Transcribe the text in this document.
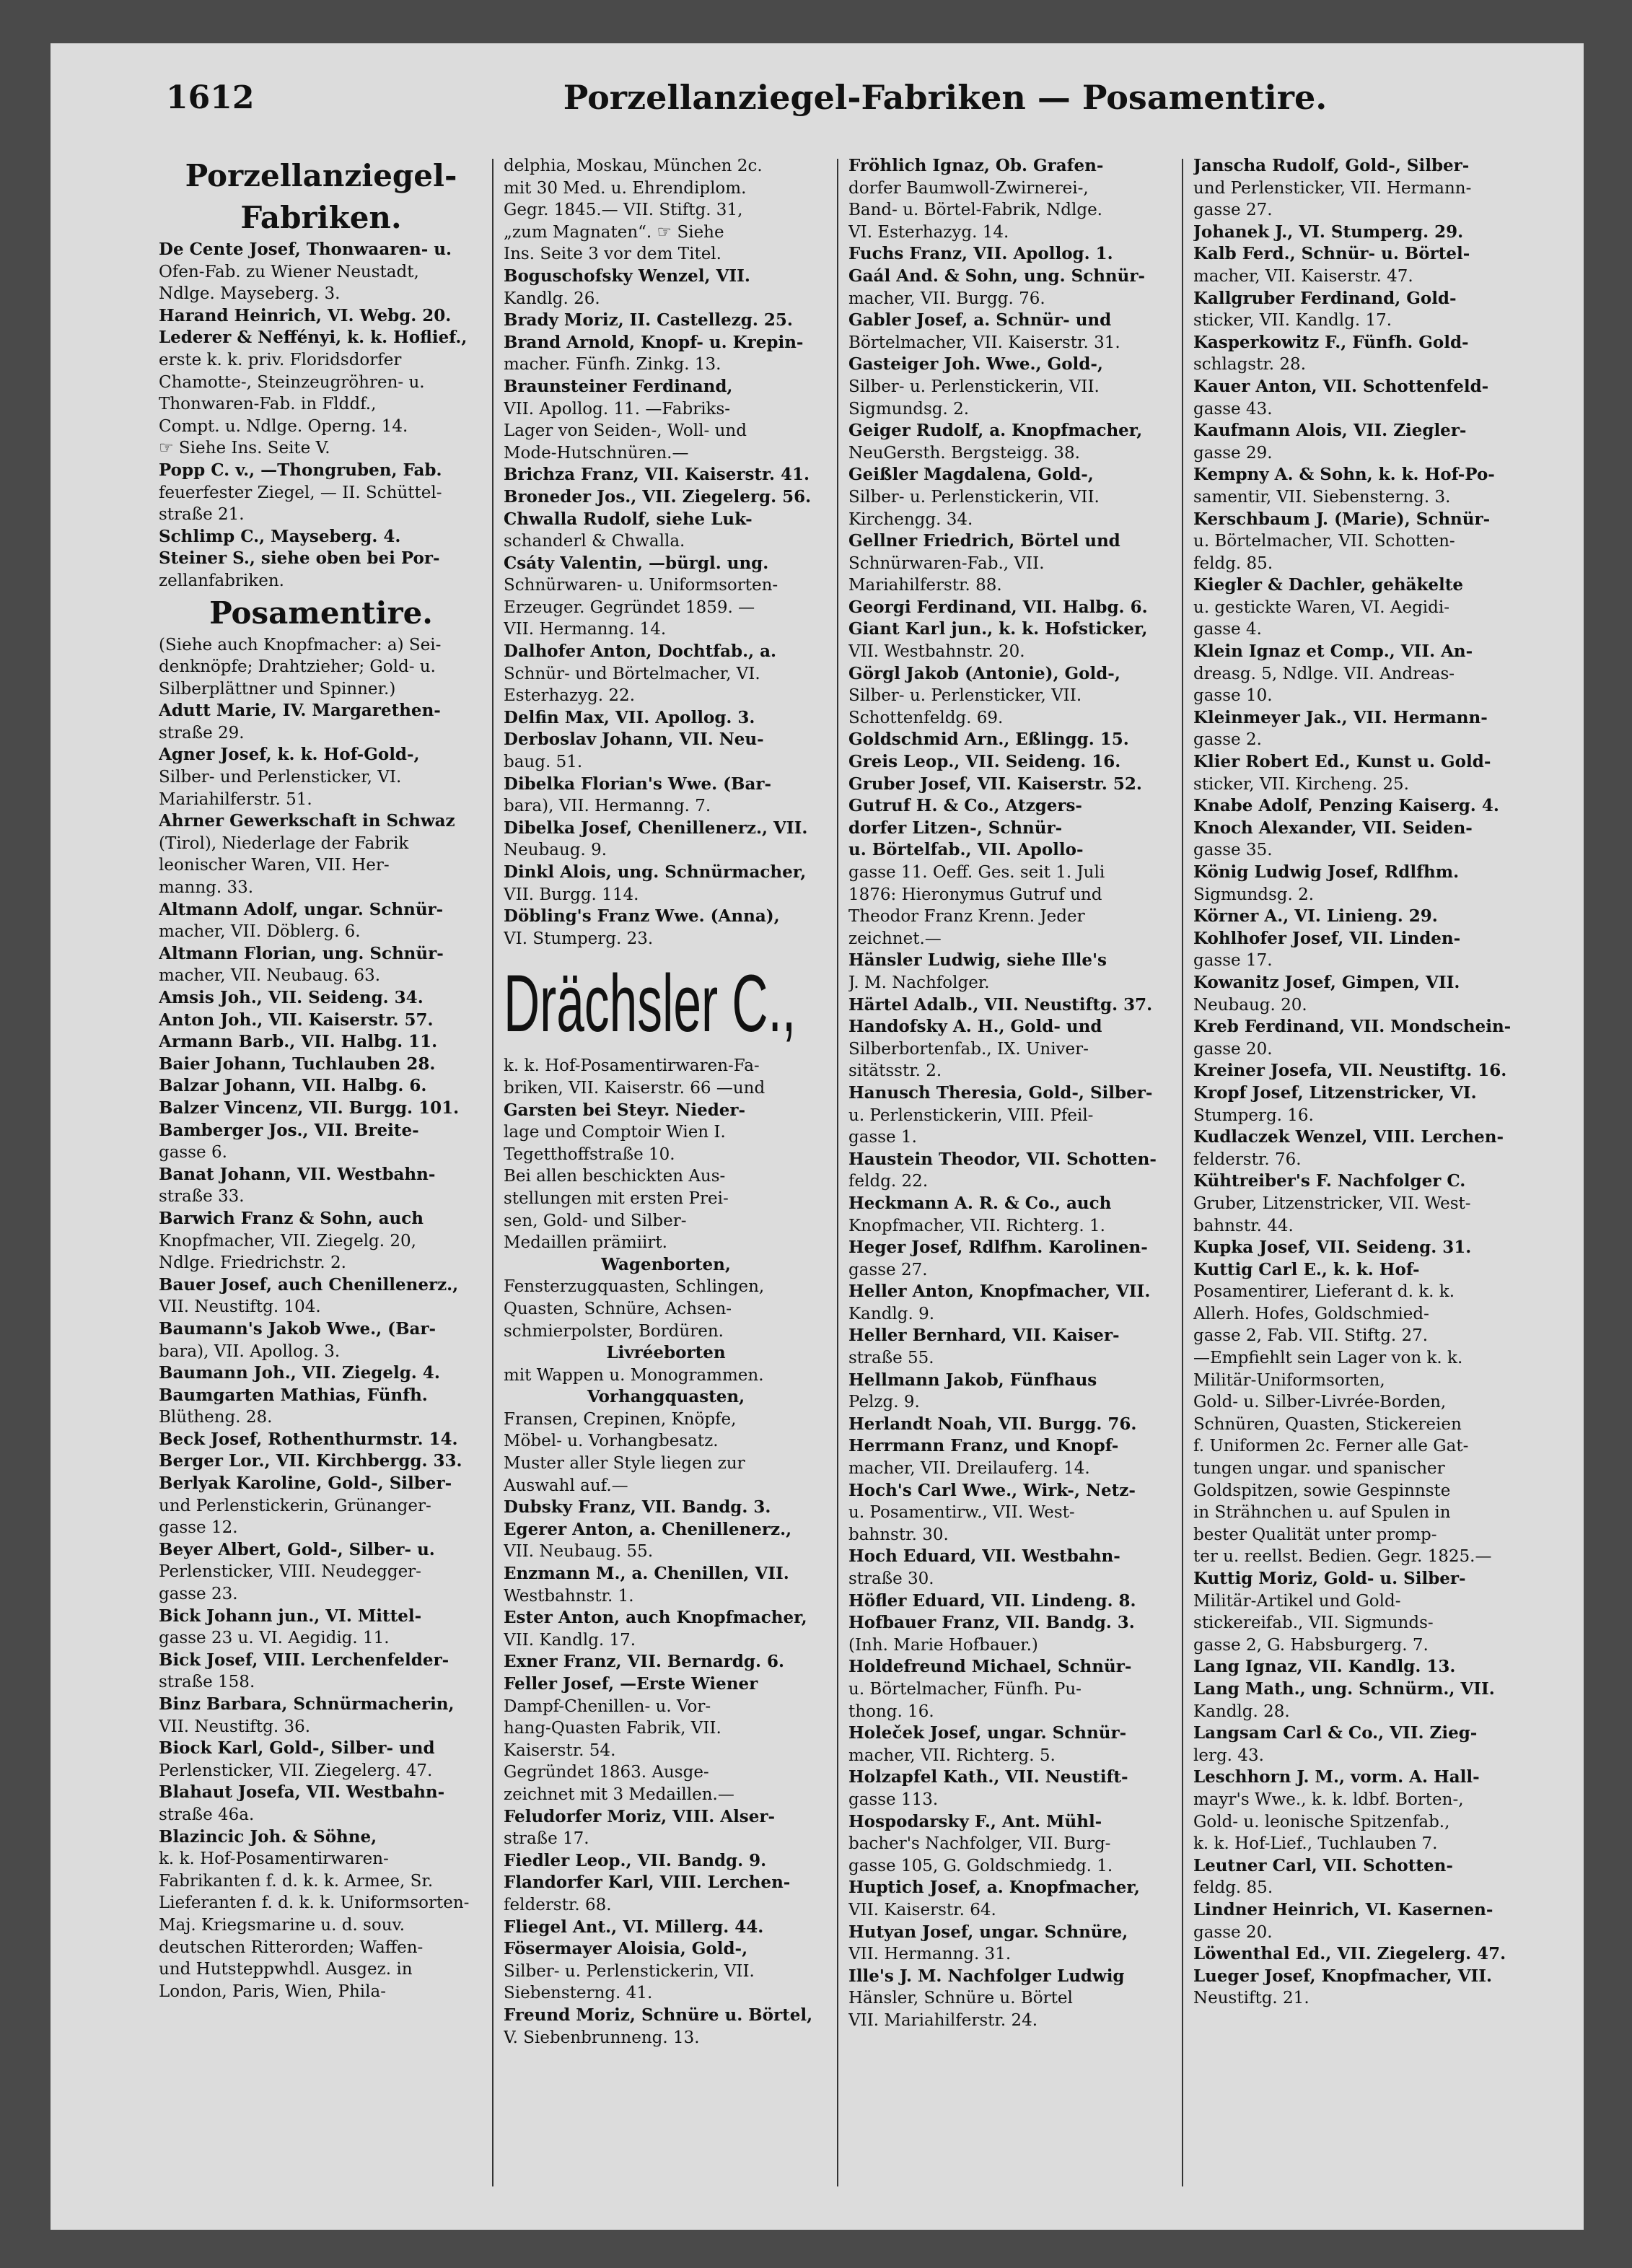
1612	Porzellanziegel-Fabriken — Posamentire.
Porzellanziegel-
Fabriken.
De Cente Josef, Thonwaaren- u.
Ofen-Fab. zu Wiener Neustadt,
Ndlge. Mayseberg. 3.
Harand Heinrich, VI. Webg. 20.
Lederer & Neffényi, k. k. Hoflief.,
erste k. k. priv. Floridsdorfer
Chamotte-, Steinzeugröhren- u.
Thonwaren-Fab. in Flddf.,
Compt. u. Ndlge. Operng. 14.
☞ Siehe Ins. Seite V.
Popp C. v., —Thongruben, Fab.
feuerfester Ziegel, — II. Schüttel-
straße 21.
Schlimp C., Mayseberg. 4.
Steiner S., siehe oben bei Por-
zellanfabriken.
Posamentire.
(Siehe auch Knopfmacher: a) Sei-
denknöpfe; Drahtzieher; Gold- u.
Silberplättner und Spinner.)
Adutt Marie, IV. Margarethen-
straße 29.
Agner Josef, k. k. Hof-Gold-,
Silber- und Perlensticker, VI.
Mariahilferstr. 51.
Ahrner Gewerkschaft in Schwaz
(Tirol), Niederlage der Fabrik
leonischer Waren, VII. Her-
manng. 33.
Altmann Adolf, ungar. Schnür-
macher, VII. Döblerg. 6.
Altmann Florian, ung. Schnür-
macher, VII. Neubaug. 63.
Amsis Joh., VII. Seideng. 34.
Anton Joh., VII. Kaiserstr. 57.
Armann Barb., VII. Halbg. 11.
Baier Johann, Tuchlauben 28.
Balzar Johann, VII. Halbg. 6.
Balzer Vincenz, VII. Burgg. 101.
Bamberger Jos., VII. Breite-
gasse 6.
Banat Johann, VII. Westbahn-
straße 33.
Barwich Franz & Sohn, auch
Knopfmacher, VII. Ziegelg. 20,
Ndlge. Friedrichstr. 2.
Bauer Josef, auch Chenillenerz.,
VII. Neustiftg. 104.
Baumann's Jakob Wwe., (Bar-
bara), VII. Apollog. 3.
Baumann Joh., VII. Ziegelg. 4.
Baumgarten Mathias, Fünfh.
Blütheng. 28.
Beck Josef, Rothenthurmstr. 14.
Berger Lor., VII. Kirchbergg. 33.
Berlyak Karoline, Gold-, Silber-
und Perlenstickerin, Grünanger-
gasse 12.
Beyer Albert, Gold-, Silber- u.
Perlensticker, VIII. Neudegger-
gasse 23.
Bick Johann jun., VI. Mittel-
gasse 23 u. VI. Aegidig. 11.
Bick Josef, VIII. Lerchenfelder-
straße 158.
Binz Barbara, Schnürmacherin,
VII. Neustiftg. 36.
Biock Karl, Gold-, Silber- und
Perlensticker, VII. Ziegelerg. 47.
Blahaut Josefa, VII. Westbahn-
straße 46a.
Blazincic Joh. & Söhne,
k. k. Hof-Posamentirwaren-
Fabrikanten f. d. k. k. Armee, Sr.
Lieferanten f. d. k. k. Uniformsorten-
Maj. Kriegsmarine u. d. souv.
deutschen Ritterorden; Waffen-
und Hutsteppwhdl. Ausgez. in
London, Paris, Wien, Phila-
delphia, Moskau, München 2c.
mit 30 Med. u. Ehrendiplom.
Gegr. 1845.— VII. Stiftg. 31,
„zum Magnaten“. ☞ Siehe
Ins. Seite 3 vor dem Titel.
Boguschofsky Wenzel, VII.
Kandlg. 26.
Brady Moriz, II. Castellezg. 25.
Brand Arnold, Knopf- u. Krepin-
macher. Fünfh. Zinkg. 13.
Braunsteiner Ferdinand,
VII. Apollog. 11. —Fabriks-
Lager von Seiden-, Woll- und
Mode-Hutschnüren.—
Brichza Franz, VII. Kaiserstr. 41.
Broneder Jos., VII. Ziegelerg. 56.
Chwalla Rudolf, siehe Luk-
schanderl & Chwalla.
Csáty Valentin, —bürgl. ung.
Schnürwaren- u. Uniformsorten-
Erzeuger. Gegründet 1859. —
VII. Hermanng. 14.
Dalhofer Anton, Dochtfab., a.
Schnür- und Börtelmacher, VI.
Esterhazyg. 22.
Delfin Max, VII. Apollog. 3.
Derboslav Johann, VII. Neu-
baug. 51.
Dibelka Florian's Wwe. (Bar-
bara), VII. Hermanng. 7.
Dibelka Josef, Chenillenerz., VII.
Neubaug. 9.
Dinkl Alois, ung. Schnürmacher,
VII. Burgg. 114.
Döbling's Franz Wwe. (Anna),
VI. Stumperg. 23.
Dräch​sler C.,
k. k. Hof-Posamentirwaren-Fa-
briken, VII. Kaiserstr. 66 —und
Garsten bei Steyr. Nieder-
lage und Comptoir Wien I.
Tegetthoffstraße 10.
Bei allen beschickten Aus-
stellungen mit ersten Prei-
sen, Gold- und Silber-
Medaillen prämiirt.
Wagenborten,
Fensterzugquasten, Schlingen,
Quasten, Schnüre, Achsen-
schmierpolster, Bordüren.
Livréeborten
mit Wappen u. Monogrammen.
Vorhangquasten,
Fransen, Crepinen, Knöpfe,
Möbel- u. Vorhangbesatz.
Muster aller Style liegen zur
Auswahl auf.—
Dubsky Franz, VII. Bandg. 3.
Egerer Anton, a. Chenillenerz.,
VII. Neubaug. 55.
Enzmann M., a. Chenillen, VII.
Westbahnstr. 1.
Ester Anton, auch Knopfmacher,
VII. Kandlg. 17.
Exner Franz, VII. Bernardg. 6.
Feller Josef, —Erste Wiener
Dampf-Chenillen- u. Vor-
hang-Quasten Fabrik, VII.
Kaiserstr. 54.
Gegründet 1863. Ausge-
zeichnet mit 3 Medaillen.—
Feludorfer Moriz, VIII. Alser-
straße 17.
Fiedler Leop., VII. Bandg. 9.
Flandorfer Karl, VIII. Lerchen-
felderstr. 68.
Fliegel Ant., VI. Millerg. 44.
Fösermayer Aloisia, Gold-,
Silber- u. Perlenstickerin, VII.
Siebensterng. 41.
Freund Moriz, Schnüre u. Börtel,
V. Siebenbrunneng. 13.
Fröhlich Ignaz, Ob. Grafen-
dorfer Baumwoll-Zwirnerei-,
Band- u. Börtel-Fabrik, Ndlge.
VI. Esterhazyg. 14.
Fuchs Franz, VII. Apollog. 1.
Gaál And. & Sohn, ung. Schnür-
macher, VII. Burgg. 76.
Gabler Josef, a. Schnür- und
Börtelmacher, VII. Kaiserstr. 31.
Gasteiger Joh. Wwe., Gold-,
Silber- u. Perlenstickerin, VII.
Sigmundsg. 2.
Geiger Rudolf, a. Knopfmacher,
NeuGersth. Bergsteigg. 38.
Geißler Magdalena, Gold-,
Silber- u. Perlenstickerin, VII.
Kirchengg. 34.
Gellner Friedrich, Börtel und
Schnürwaren-Fab., VII.
Mariahilferstr. 88.
Georgi Ferdinand, VII. Halbg. 6.
Giant Karl jun., k. k. Hofsticker,
VII. Westbahnstr. 20.
Görgl Jakob (Antonie), Gold-,
Silber- u. Perlensticker, VII.
Schottenfeldg. 69.
Goldschmid Arn., Eßlingg. 15.
Greis Leop., VII. Seideng. 16.
Gruber Josef, VII. Kaiserstr. 52.
Gutruf H. & Co., Atzgers-
dorfer Litzen-, Schnür-
u. Börtelfab., VII. Apollo-
gasse 11. Oeff. Ges. seit 1. Juli
1876: Hieronymus Gutruf und
Theodor Franz Krenn. Jeder
zeichnet.—
Hänsler Ludwig, siehe Ille's
J. M. Nachfolger.
Härtel Adalb., VII. Neustiftg. 37.
Handofsky A. H., Gold- und
Silberbortenfab., IX. Univer-
sitätsstr. 2.
Hanusch Theresia, Gold-, Silber-
u. Perlenstickerin, VIII. Pfeil-
gasse 1.
Haustein Theodor, VII. Schotten-
feldg. 22.
Heckmann A. R. & Co., auch
Knopfmacher, VII. Richterg. 1.
Heger Josef, Rdlfhm. Karolinen-
gasse 27.
Heller Anton, Knopfmacher, VII.
Kandlg. 9.
Heller Bernhard, VII. Kaiser-
straße 55.
Hellmann Jakob, Fünfhaus
Pelzg. 9.
Herlandt Noah, VII. Burgg. 76.
Herrmann Franz, und Knopf-
macher, VII. Dreilauferg. 14.
Hoch's Carl Wwe., Wirk-, Netz-
u. Posamentirw., VII. West-
bahnstr. 30.
Hoch Eduard, VII. Westbahn-
straße 30.
Höfler Eduard, VII. Lindeng. 8.
Hofbauer Franz, VII. Bandg. 3.
(Inh. Marie Hofbauer.)
Holdefreund Michael, Schnür-
u. Börtelmacher, Fünfh. Pu-
thong. 16.
Holeček Josef, ungar. Schnür-
macher, VII. Richterg. 5.
Holzapfel Kath., VII. Neustift-
gasse 113.
Hospodarsky F., Ant. Mühl-
bacher's Nachfolger, VII. Burg-
gasse 105, G. Goldschmiedg. 1.
Huptich Josef, a. Knopfmacher,
VII. Kaiserstr. 64.
Hutyan Josef, ungar. Schnüre,
VII. Hermanng. 31.
Ille's J. M. Nachfolger Ludwig
Hänsler, Schnüre u. Börtel
VII. Mariahilferstr. 24.
Janscha Rudolf, Gold-, Silber-
und Perlensticker, VII. Hermann-
gasse 27.
Johanek J., VI. Stumperg. 29.
Kalb Ferd., Schnür- u. Börtel-
macher, VII. Kaiserstr. 47.
Kallgruber Ferdinand, Gold-
sticker, VII. Kandlg. 17.
Kasperkowitz F., Fünfh. Gold-
schlagstr. 28.
Kauer Anton, VII. Schottenfeld-
gasse 43.
Kaufmann Alois, VII. Ziegler-
gasse 29.
Kempny A. & Sohn, k. k. Hof-Po-
samentir, VII. Siebensterng. 3.
Kerschbaum J. (Marie), Schnür-
u. Börtelmacher, VII. Schotten-
feldg. 85.
Kiegler & Dachler, gehäkelte
u. gestickte Waren, VI. Aegidi-
gasse 4.
Klein Ignaz et Comp., VII. An-
dreasg. 5, Ndlge. VII. Andreas-
gasse 10.
Kleinmeyer Jak., VII. Hermann-
gasse 2.
Klier Robert Ed., Kunst u. Gold-
sticker, VII. Kircheng. 25.
Knabe Adolf, Penzing Kaiserg. 4.
Knoch Alexander, VII. Seiden-
gasse 35.
König Ludwig Josef, Rdlfhm.
Sigmundsg. 2.
Körner A., VI. Linieng. 29.
Kohlhofer Josef, VII. Linden-
gasse 17.
Kowanitz Josef, Gimpen, VII.
Neubaug. 20.
Kreb Ferdinand, VII. Mondschein-
gasse 20.
Kreiner Josefa, VII. Neustiftg. 16.
Kropf Josef, Litzenstricker, VI.
Stumperg. 16.
Kudlaczek Wenzel, VIII. Lerchen-
felderstr. 76.
Kühtreiber's F. Nachfolger C.
Gruber, Litzenstricker, VII. West-
bahnstr. 44.
Kupka Josef, VII. Seideng. 31.
Kuttig Carl E., k. k. Hof-
Posamentirer, Lieferant d. k. k.
Allerh. Hofes, Goldschmied-
gasse 2, Fab. VII. Stiftg. 27.
—Empfiehlt sein Lager von k. k.
Militär-Uniformsorten,
Gold- u. Silber-Livrée-Borden,
Schnüren, Quasten, Stickereien
f. Uniformen 2c. Ferner alle Gat-
tungen ungar. und spanischer
Goldspitzen, sowie Gespinnste
in Strähnchen u. auf Spulen in
bester Qualität unter promp-
ter u. reellst. Bedien. Gegr. 1825.—
Kuttig Moriz, Gold- u. Silber-
Militär-Artikel und Gold-
stickereifab., VII. Sigmunds-
gasse 2, G. Habsburgerg. 7.
Lang Ignaz, VII. Kandlg. 13.
Lang Math., ung. Schnürm., VII.
Kandlg. 28.
Langsam Carl & Co., VII. Zieg-
lerg. 43.
Leschhorn J. M., vorm. A. Hall-
mayr's Wwe., k. k. ldbf. Borten-,
Gold- u. leonische Spitzenfab.,
k. k. Hof-Lief., Tuchlauben 7.
Leutner Carl, VII. Schotten-
feldg. 85.
Lindner Heinrich, VI. Kasernen-
gasse 20.
Löwenthal Ed., VII. Ziegelerg. 47.
Lueger Josef, Knopfmacher, VII.
Neustiftg. 21.
